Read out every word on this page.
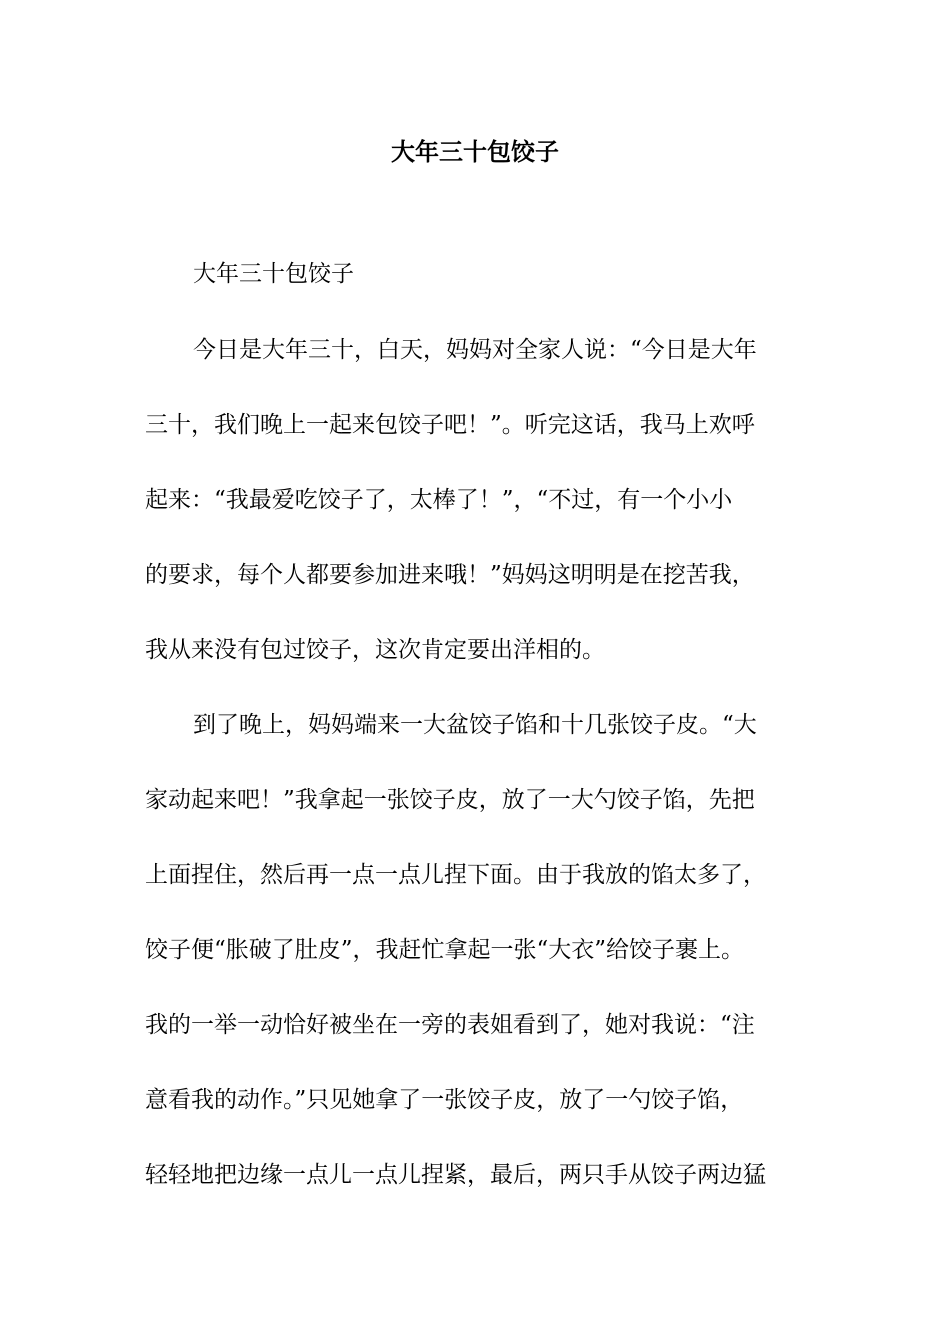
大年三十包饺子

大年三十包饺子

今日是大年三十，白天，妈妈对全家人说：“今日是大年

三十，我们晚上一起来包饺子吧！”。听完这话，我马上欢呼

起来：“我最爱吃饺子了，太棒了！”，“不过，有一个小小

的要求，每个人都要参加进来哦！”妈妈这明明是在挖苦我，

我从来没有包过饺子，这次肯定要出洋相的。

到了晚上，妈妈端来一大盆饺子馅和十几张饺子皮。“大

家动起来吧！”我拿起一张饺子皮，放了一大勺饺子馅，先把

上面捏住，然后再一点一点儿捏下面。由于我放的馅太多了，

饺子便“胀破了肚皮”，我赶忙拿起一张“大衣”给饺子裹上。

我的一举一动恰好被坐在一旁的表姐看到了，她对我说：“注

意看我的动作。”只见她拿了一张饺子皮，放了一勺饺子馅，

轻轻地把边缘一点儿一点儿捏紧，最后，两只手从饺子两边猛
